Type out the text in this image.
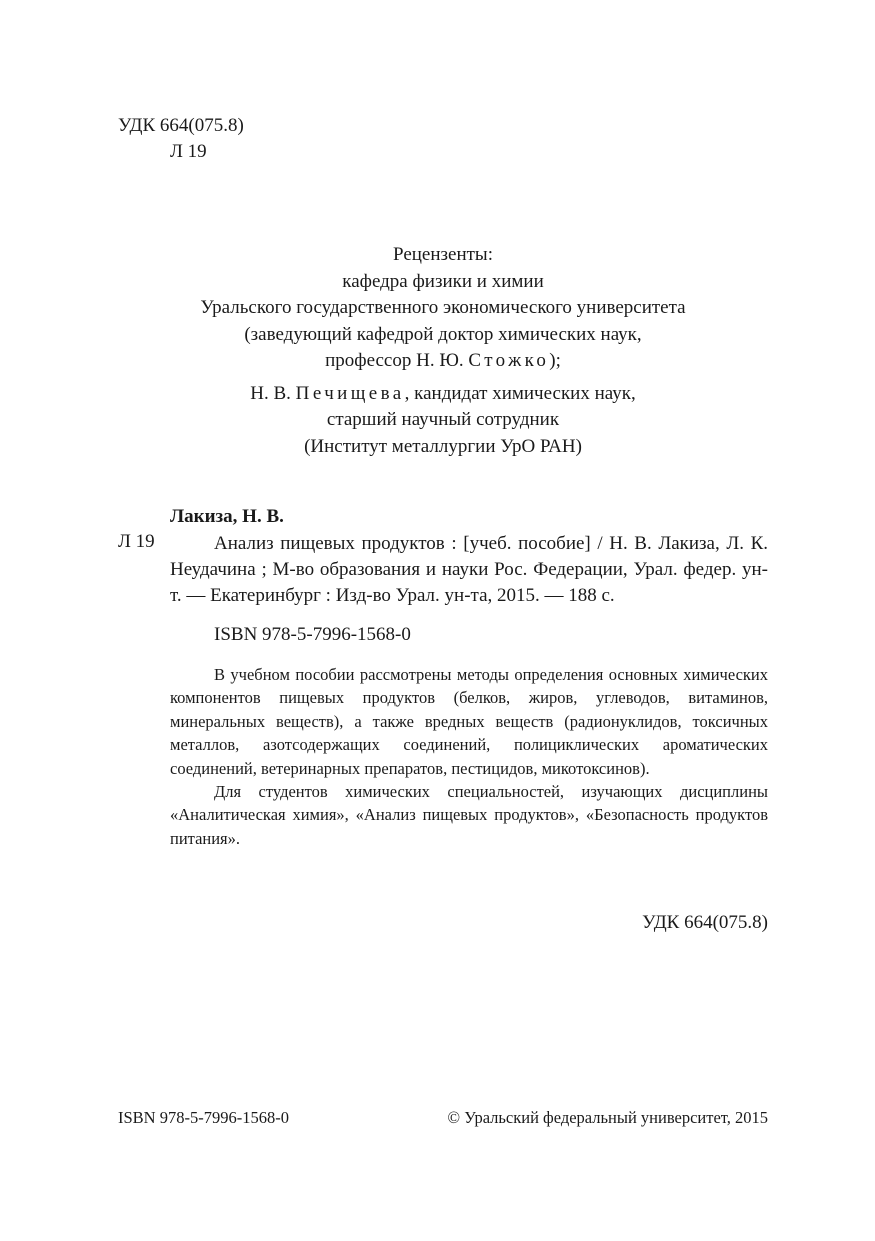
УДК 664(075.8)
Л 19
Рецензенты:
кафедра физики и химии
Уральского государственного экономического университета
(заведующий кафедрой доктор химических наук,
профессор Н. Ю. Стожко);
Н. В. Печищева, кандидат химических наук,
старший научный сотрудник
(Институт металлургии УрО РАН)
Лакиза, Н. В.
Л 19	Анализ пищевых продуктов : [учеб. пособие] / Н. В. Лакиза, Л. К. Неудачина ; М-во образования и науки Рос. Федерации, Урал. федер. ун-т. — Екатеринбург : Изд-во Урал. ун-та, 2015. — 188 с.
ISBN 978-5-7996-1568-0

В учебном пособии рассмотрены методы определения основных химических компонентов пищевых продуктов (белков, жиров, углеводов, витаминов, минеральных веществ), а также вредных веществ (радионуклидов, токсичных металлов, азотсодержащих соединений, полициклических ароматических соединений, ветеринарных препаратов, пестицидов, микотоксинов).

Для студентов химических специальностей, изучающих дисциплины «Аналитическая химия», «Анализ пищевых продуктов», «Безопасность продуктов питания».

УДК 664(075.8)
ISBN 978-5-7996-1568-0	© Уральский федеральный университет, 2015
